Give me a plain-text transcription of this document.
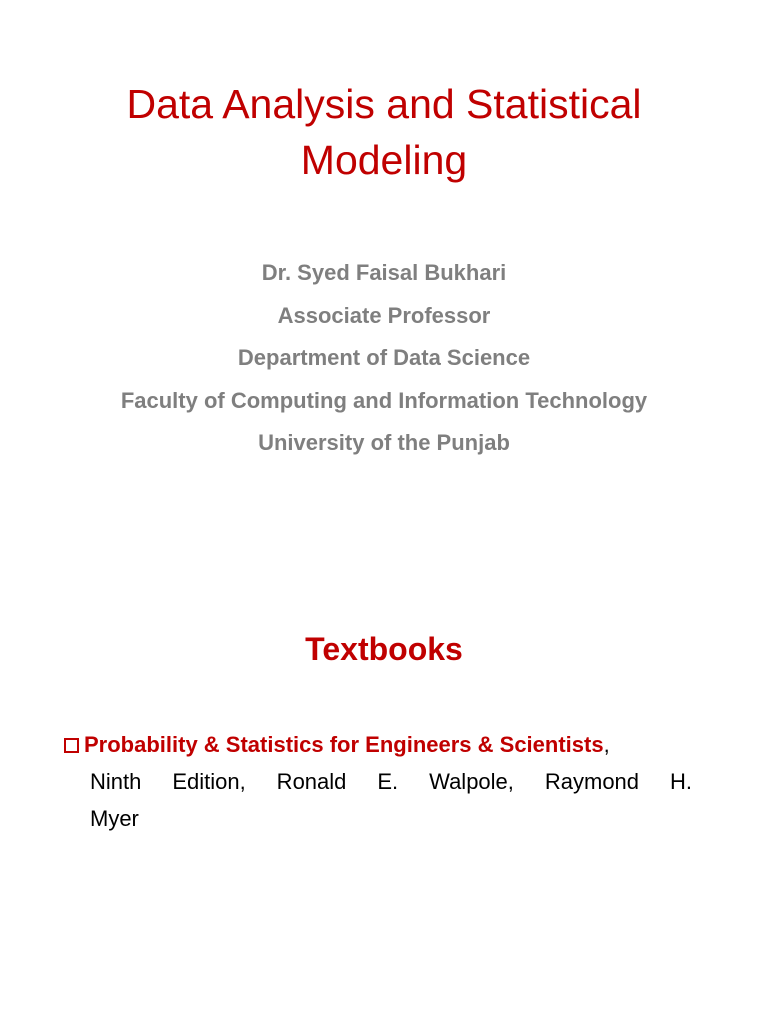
Data Analysis and Statistical
Modeling
Dr. Syed Faisal Bukhari
Associate Professor
Department of Data Science
Faculty of Computing and Information Technology
University of the Punjab
Textbooks
Probability & Statistics for Engineers & Scientists,
Ninth Edition, Ronald E. Walpole, Raymond H.
Myer
